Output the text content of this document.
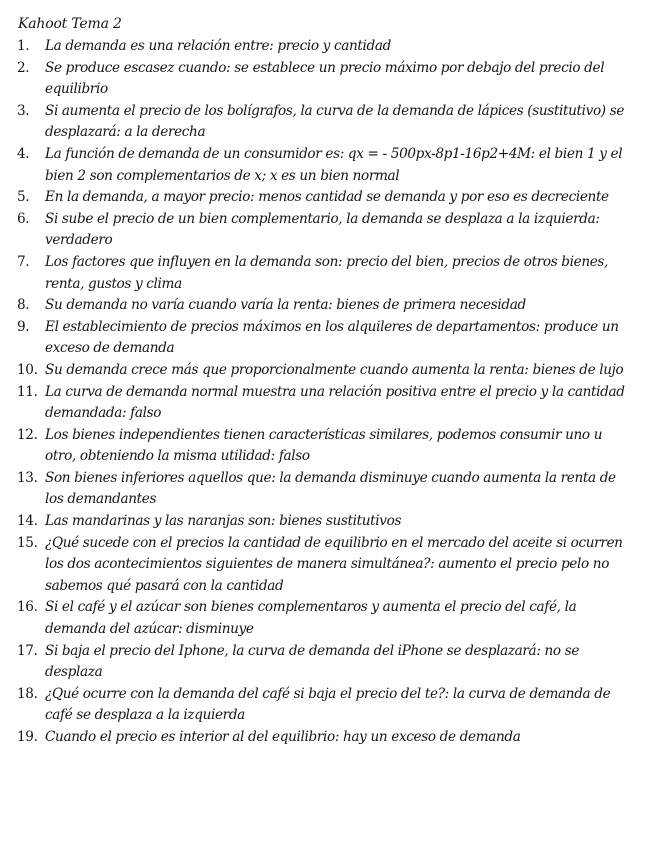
Kahoot Tema 2
1.	La demanda es una relación entre: precio y cantidad
2.	Se produce escasez cuando: se establece un precio máximo por debajo del precio del equilibrio
3.	Si aumenta el precio de los bolígrafos, la curva de la demanda de lápices (sustitutivo) se desplazará: a la derecha
4.	La función de demanda de un consumidor es: qx = - 500px-8p1-16p2+4M: el bien 1 y el bien 2 son complementarios de x; x es un bien normal
5.	En la demanda, a mayor precio: menos cantidad se demanda y por eso es decreciente
6.	Si sube el precio de un bien complementario, la demanda se desplaza a la izquierda: verdadero
7.	Los factores que influyen en la demanda son: precio del bien, precios de otros bienes, renta, gustos y clima
8.	Su demanda no varía cuando varía la renta: bienes de primera necesidad
9.	El establecimiento de precios máximos en los alquileres de departamentos: produce un exceso de demanda
10. Su demanda crece más que proporcionalmente cuando aumenta la renta: bienes de lujo
11. La curva de demanda normal muestra una relación positiva entre el precio y la cantidad demandada: falso
12. Los bienes independientes tienen características similares, podemos consumir uno u otro, obteniendo la misma utilidad: falso
13. Son bienes inferiores aquellos que: la demanda disminuye cuando aumenta la renta de los demandantes
14. Las mandarinas y las naranjas son: bienes sustitutivos
15. ¿Qué sucede con el precios la cantidad de equilibrio en el mercado del aceite si ocurren los dos acontecimientos siguientes de manera simultánea?: aumento el precio pelo no sabemos qué pasará con la cantidad
16. Si el café y el azúcar son bienes complementaros y aumenta el precio del café, la demanda del azúcar: disminuye
17. Si baja el precio del Iphone, la curva de demanda del iPhone se desplazará: no se desplaza
18. ¿Qué ocurre con la demanda del café si baja el precio del te?: la curva de demanda de café se desplaza a la izquierda
19. Cuando el precio es interior al del equilibrio: hay un exceso de demanda
